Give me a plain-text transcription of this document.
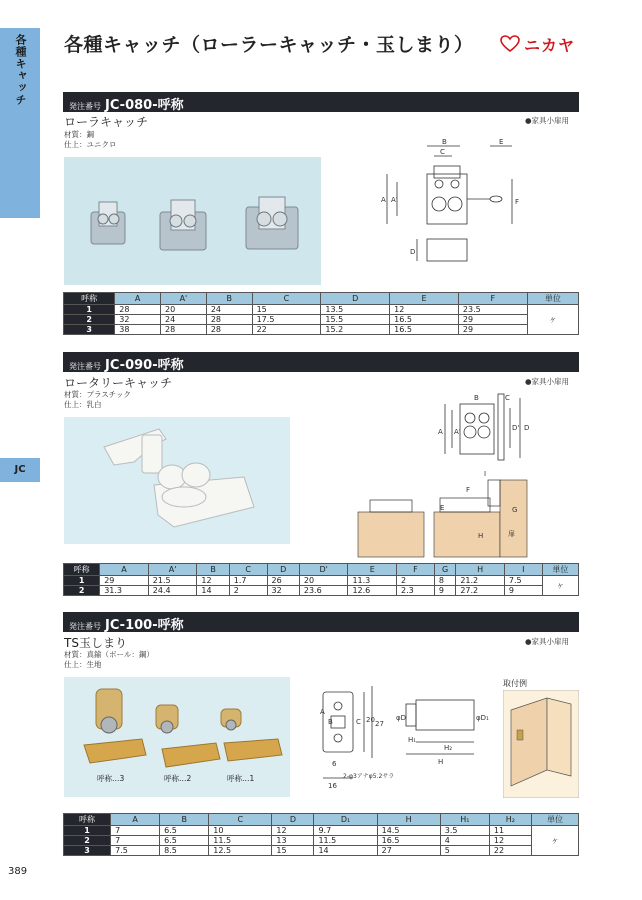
各種キャッチ
JC
389
各種キャッチ（ローラーキャッチ・玉しまり）	ニカヤ
発注番号 JC-080-呼称
ローラキャッチ	●家具小扉用
材質：鋼
仕上：ユニクロ
A A'
B
C
D
E
F
呼称	A	A'	B	C	D	E	F	単位
1	28	20	24	15	13.5	12	23.5	ヶ
2	32	24	28	17.5	15.5	16.5	29	
3	38	28	28	22	15.2	16.5	29	
発注番号 JC-090-呼称
ロータリーキャッチ	●家具小扉用
材質：プラスチック
仕上：乳白
A A'
B	C
D
D'
E
F
G
H
I
扉
呼称	A	A'	B	C	D	D'	E	F	G	H	I	単位
1	29	21.5	12	1.7	26	20	11.3	2	8	21.2	7.5	ヶ
2	31.3	24.4	14	2	32	23.6	12.6	2.3	9	27.2	9	
発注番号 JC-100-呼称
TS玉しまり	●家具小扉用
材質：真鍮（ボール：鋼）
仕上：生地
呼称…3	呼称…2	呼称…1
A
B	C 20 27
16
6
2-φ3アナφ5.2サラ
φD	φD₁
H
H₁
H₂
取付例
呼称	A	B	C	D	D₁	H	H₁	H₂	単位
1	7	6.5	10	12	9.7	14.5	3.5	11	ヶ
2	7	6.5	11.5	13	11.5	16.5	4	12	
3	7.5	8.5	12.5	15	14	27	5	22	
